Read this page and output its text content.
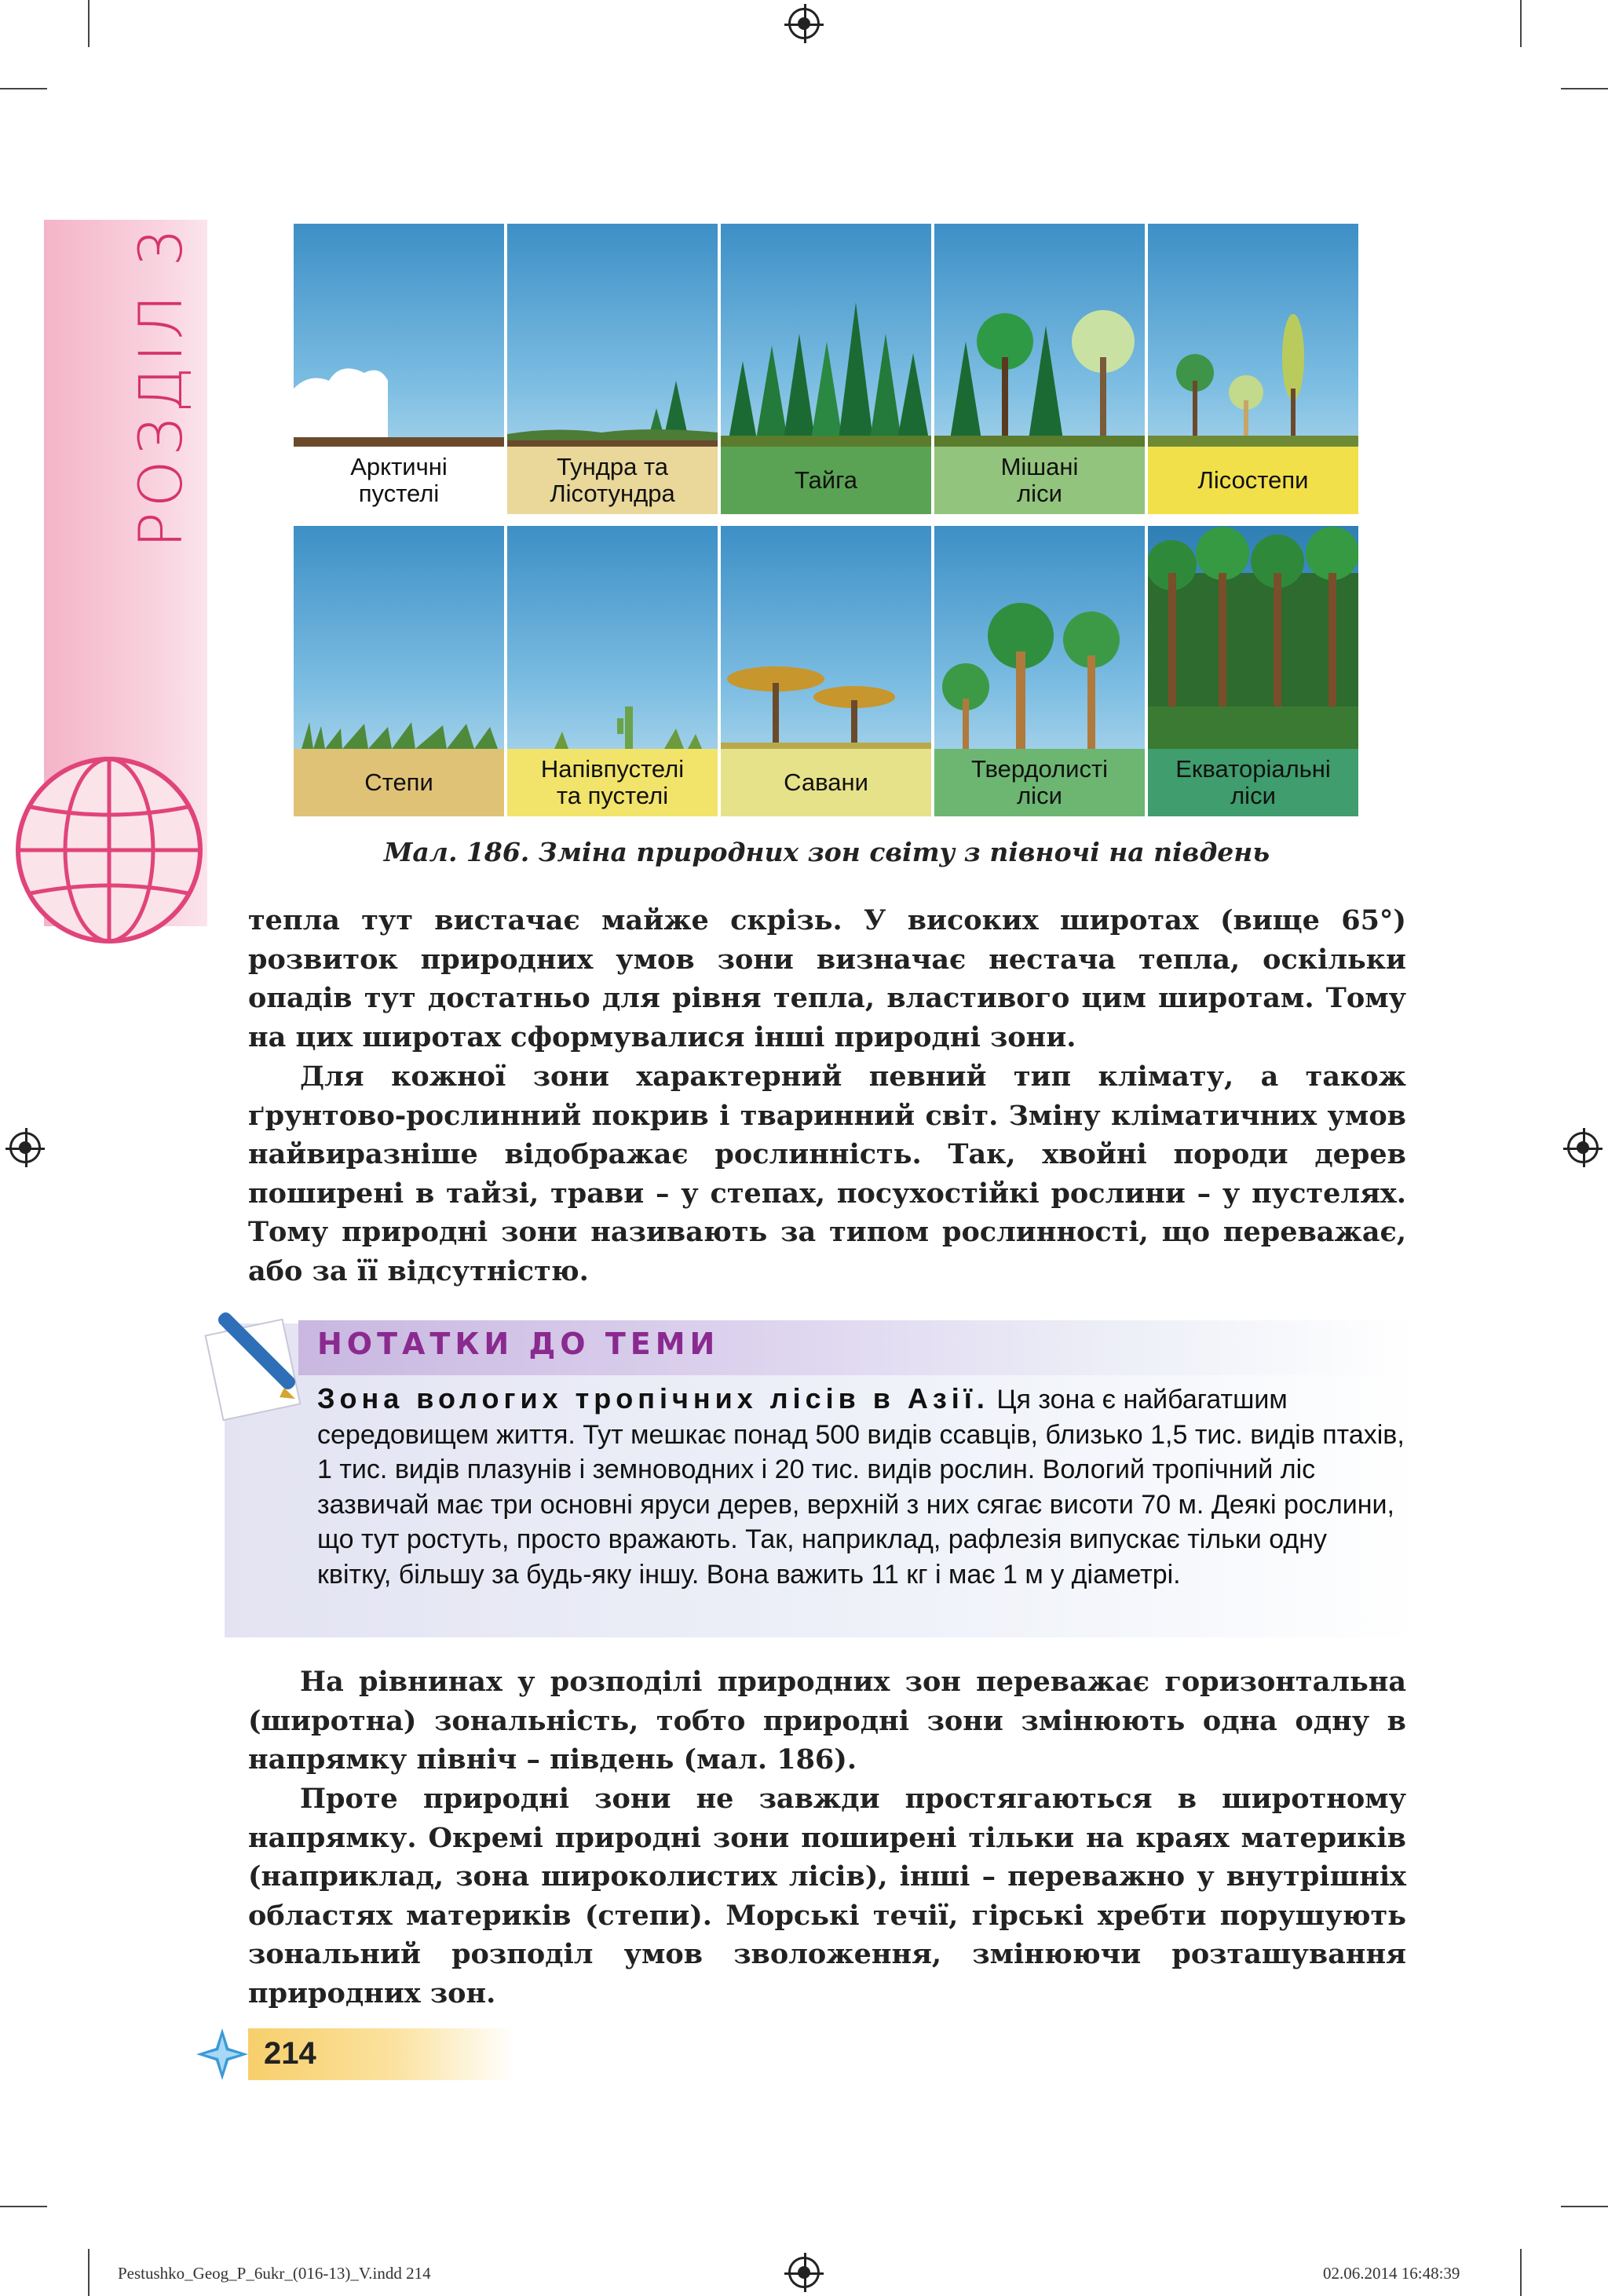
РОЗДІЛ 3	Арктичні
пустелі
Тундра та
Лісотундра	Тайга	Мішані
ліси	Лісостепи
Степи	Напівпустелі
та пустелі	Савани	Твердолисті
ліси
Екваторіальні
ліси
Мал. 186. Зміна природних зон світу з півночі на південь

тепла тут вистачає майже скрізь. У високих широтах (вище 65°) розвиток природних умов зони визначає нестача тепла, оскільки опадів тут достатньо для рівня тепла, властивого цим широтам. Тому на цих широтах сформувалися інші природні зони.

Для кожної зони характерний певний тип клімату, а також ґрунтово-рослинний покрив і тваринний світ. Зміну кліматичних умов найвиразніше відображає рослинність. Так, хвойні породи дерев поширені в тайзі, трави – у степах, посухостійкі рослини – у пустелях. Тому природні зони називають за типом рослинності, що переважає, або за її відсутністю.

НОТАТКИ ДО ТЕМИ

Зона вологих тропічних лісів в Азії. Ця зона є найбагатшим середовищем життя. Тут мешкає понад 500 видів ссавців, близько 1,5 тис. видів птахів, 1 тис. видів плазунів і земноводних і 20 тис. видів рослин. Вологий тропічний ліс зазвичай має три основні яруси дерев, верхній з них сягає висоти 70 м. Деякі рослини, що тут ростуть, просто вражають. Так, наприклад, рафлезія випускає тільки одну квітку, більшу за будь-яку іншу. Вона важить 11 кг і має 1 м у діаметрі.

На рівнинах у розподілі природних зон переважає горизонтальна (широтна) зональність, тобто природні зони змінюють одна одну в напрямку північ – південь (мал. 186).

Проте природні зони не завжди простягаються в широтному напрямку. Окремі природні зони поширені тільки на краях материків (наприклад, зона широколистих лісів), інші – переважно у внутрішніх областях материків (степи). Морські течії, гірські хребти порушують зональний розподіл умов зволоження, змінюючи розташування природних зон.

214
Pestushko_Geog_P_6ukr_(016-13)_V.indd 214	02.06.2014 16:48:39
